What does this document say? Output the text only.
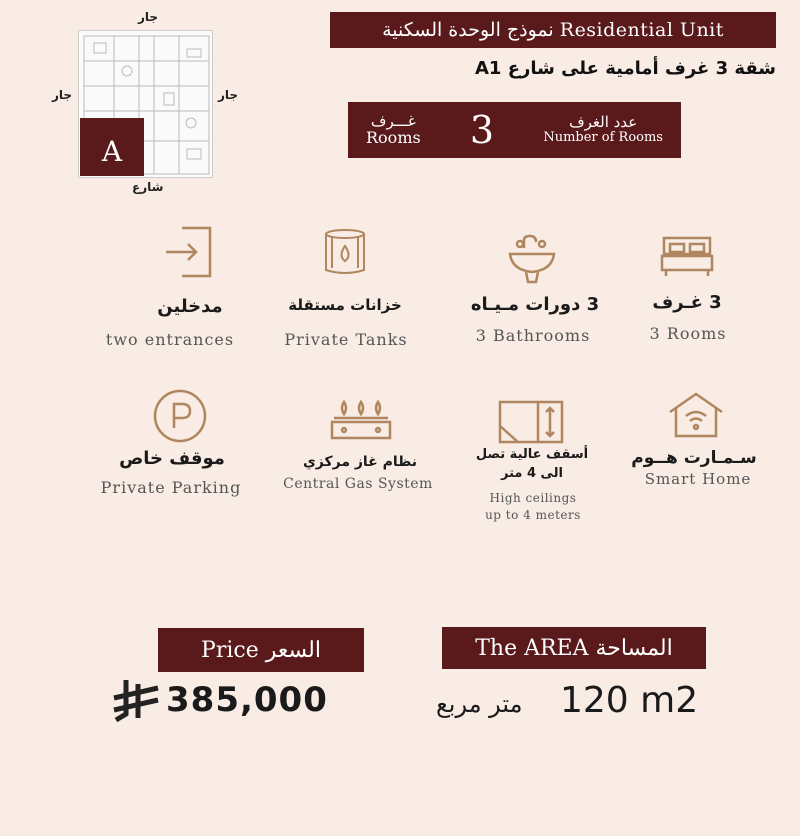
A
جار
جار	جار
شارع
نموذج الوحدة السكنية Residential Unit
شقة 3 غرف أمامية على شارع A1
غـــرف
Rooms 3	عدد الغرف
Number of Rooms
مدخلين
two entrances
خزانات مستقلة
Private Tanks
3 دورات مـيـاه
3 Bathrooms
3 غـرف
3 Rooms
موقف خاص
Private Parking
نظام غاز مركزي
Central Gas System
أسقف عالية تصل الى 4 متر
High ceilings up to 4 meters
سـمـارت هــوم
Smart Home
Price السعر
385,000
The AREA المساحة
120 m2
متر مربع
